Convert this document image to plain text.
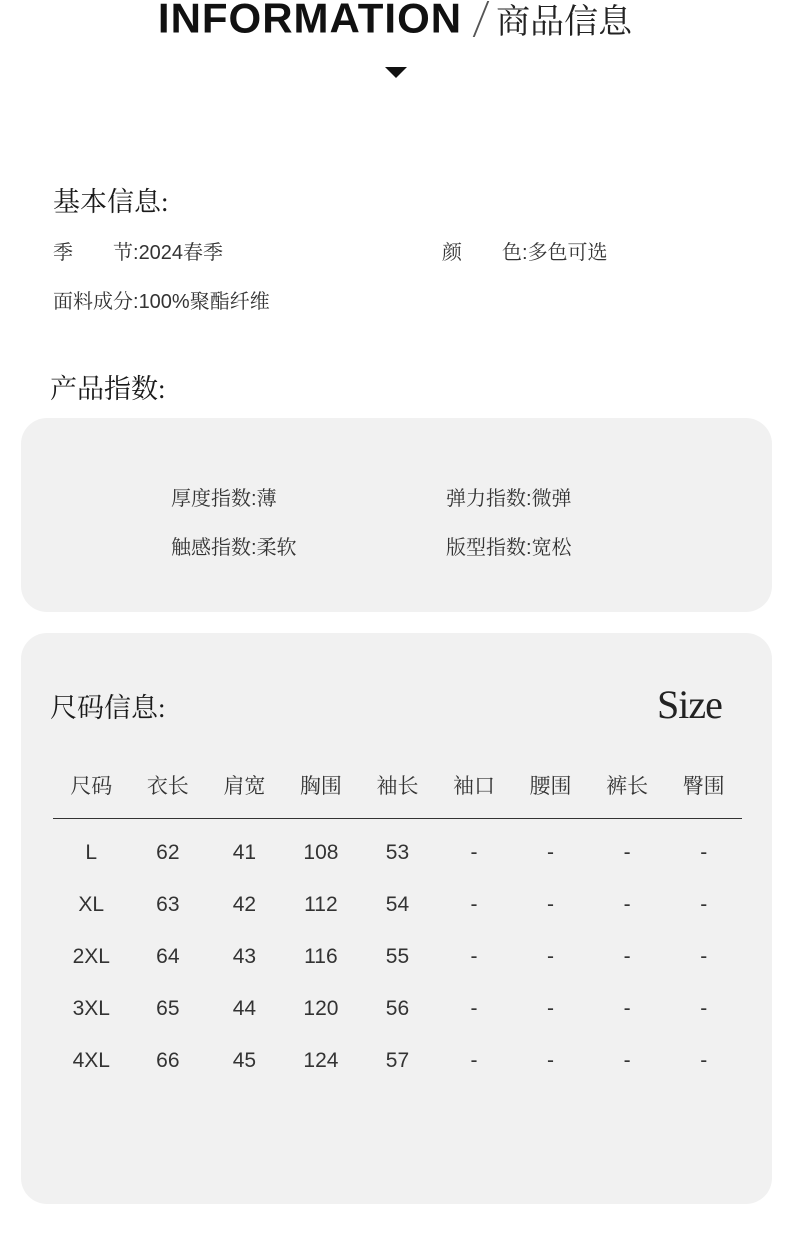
INFORMATION 商品信息
基本信息:
季　　节:2024春季	颜　　色:多色可选
面料成分:100%聚酯纤维
产品指数:
厚度指数:薄	弹力指数:微弹
触感指数:柔软	版型指数:宽松
尺码信息:	Size
尺码	衣长	肩宽	胸围	袖长	袖口	腰围	裤长	臀围
L	62	41	108	53	-	-	-	-
XL	63	42	112	54	-	-	-	-
2XL	64	43	116	55	-	-	-	-
3XL	65	44	120	56	-	-	-	-
4XL	66	45	124	57	-	-	-	-
